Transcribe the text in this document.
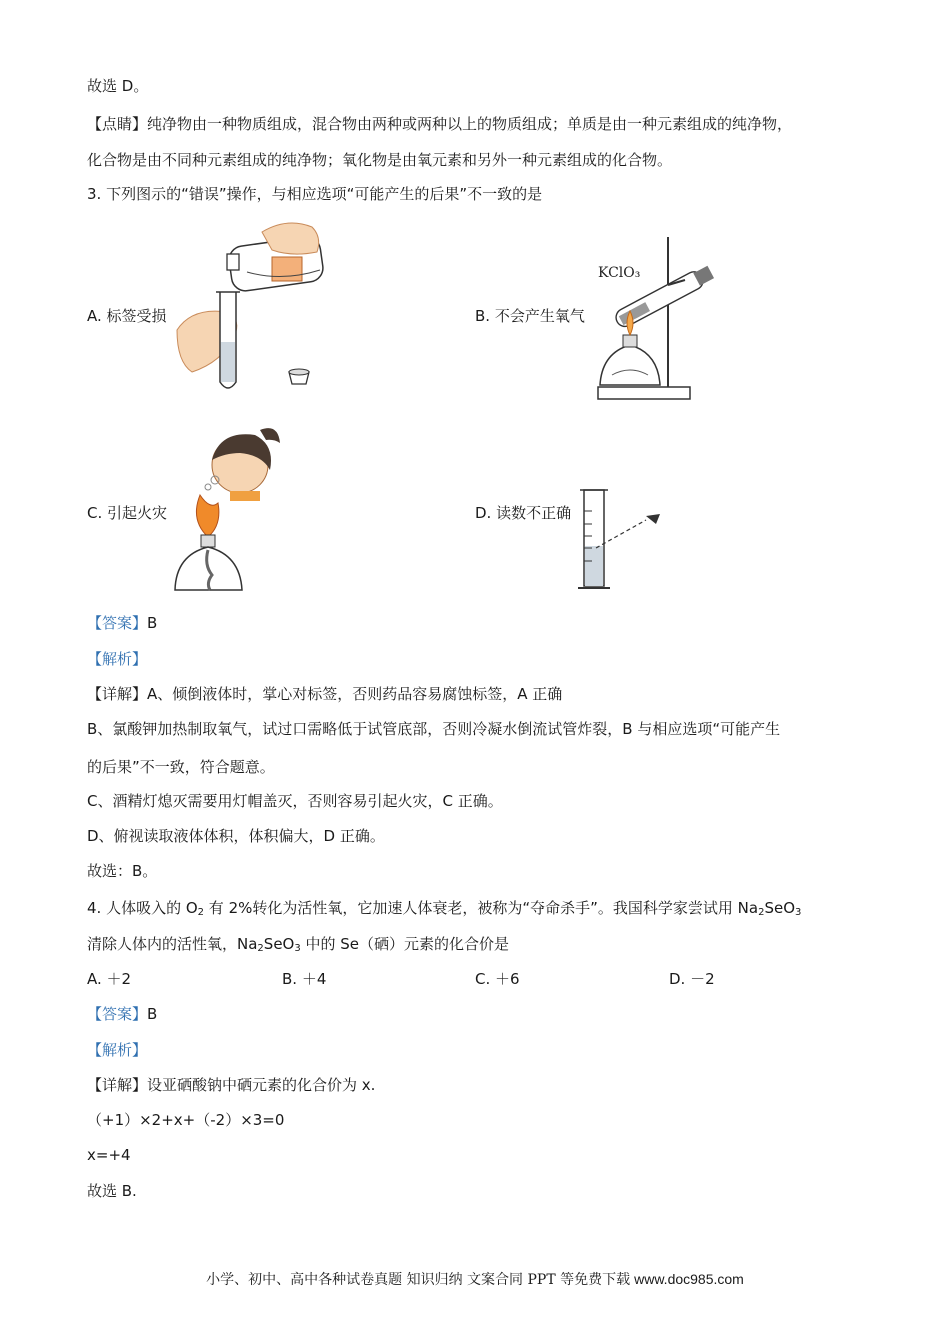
故选 D。
【点睛】纯净物由一种物质组成，混合物由两种或两种以上的物质组成；单质是由一种元素组成的纯净物，
化合物是由不同种元素组成的纯净物；氧化物是由氧元素和另外一种元素组成的化合物。
3. 下列图示的“错误”操作，与相应选项“可能产生的后果”不一致的是
A. 标签受损	B. 不会产生氧气
C. 引起火灾	D. 读数不正确
KClO₃
【答案】B
【解析】
【详解】A、倾倒液体时，掌心对标签，否则药品容易腐蚀标签，A 正确
B、氯酸钾加热制取氧气，试过口需略低于试管底部，否则冷凝水倒流试管炸裂，B 与相应选项“可能产生
的后果”不一致，符合题意。
C、酒精灯熄灭需要用灯帽盖灭，否则容易引起火灾，C 正确。
D、俯视读取液体体积，体积偏大，D 正确。
故选：B。
4. 人体吸入的 $O_2$ 有 2%转化为活性氧，它加速人体衰老，被称为“夺命杀手”。我国科学家尝试用 $Na_2SeO_3$
清除人体内的活性氧，$Na_2SeO_3$ 中的 Se（硒）元素的化合价是
A. ＋2	B. ＋4	C. ＋6	D. －2
【答案】B
【解析】
【详解】设亚硒酸钠中硒元素的化合价为 x.
（+1）×2+x+（-2）×3=0
x=+4
故选 B.
小学、初中、高中各种试卷真题 知识归纳 文案合同 PPT 等免费下载 www.doc985.com
